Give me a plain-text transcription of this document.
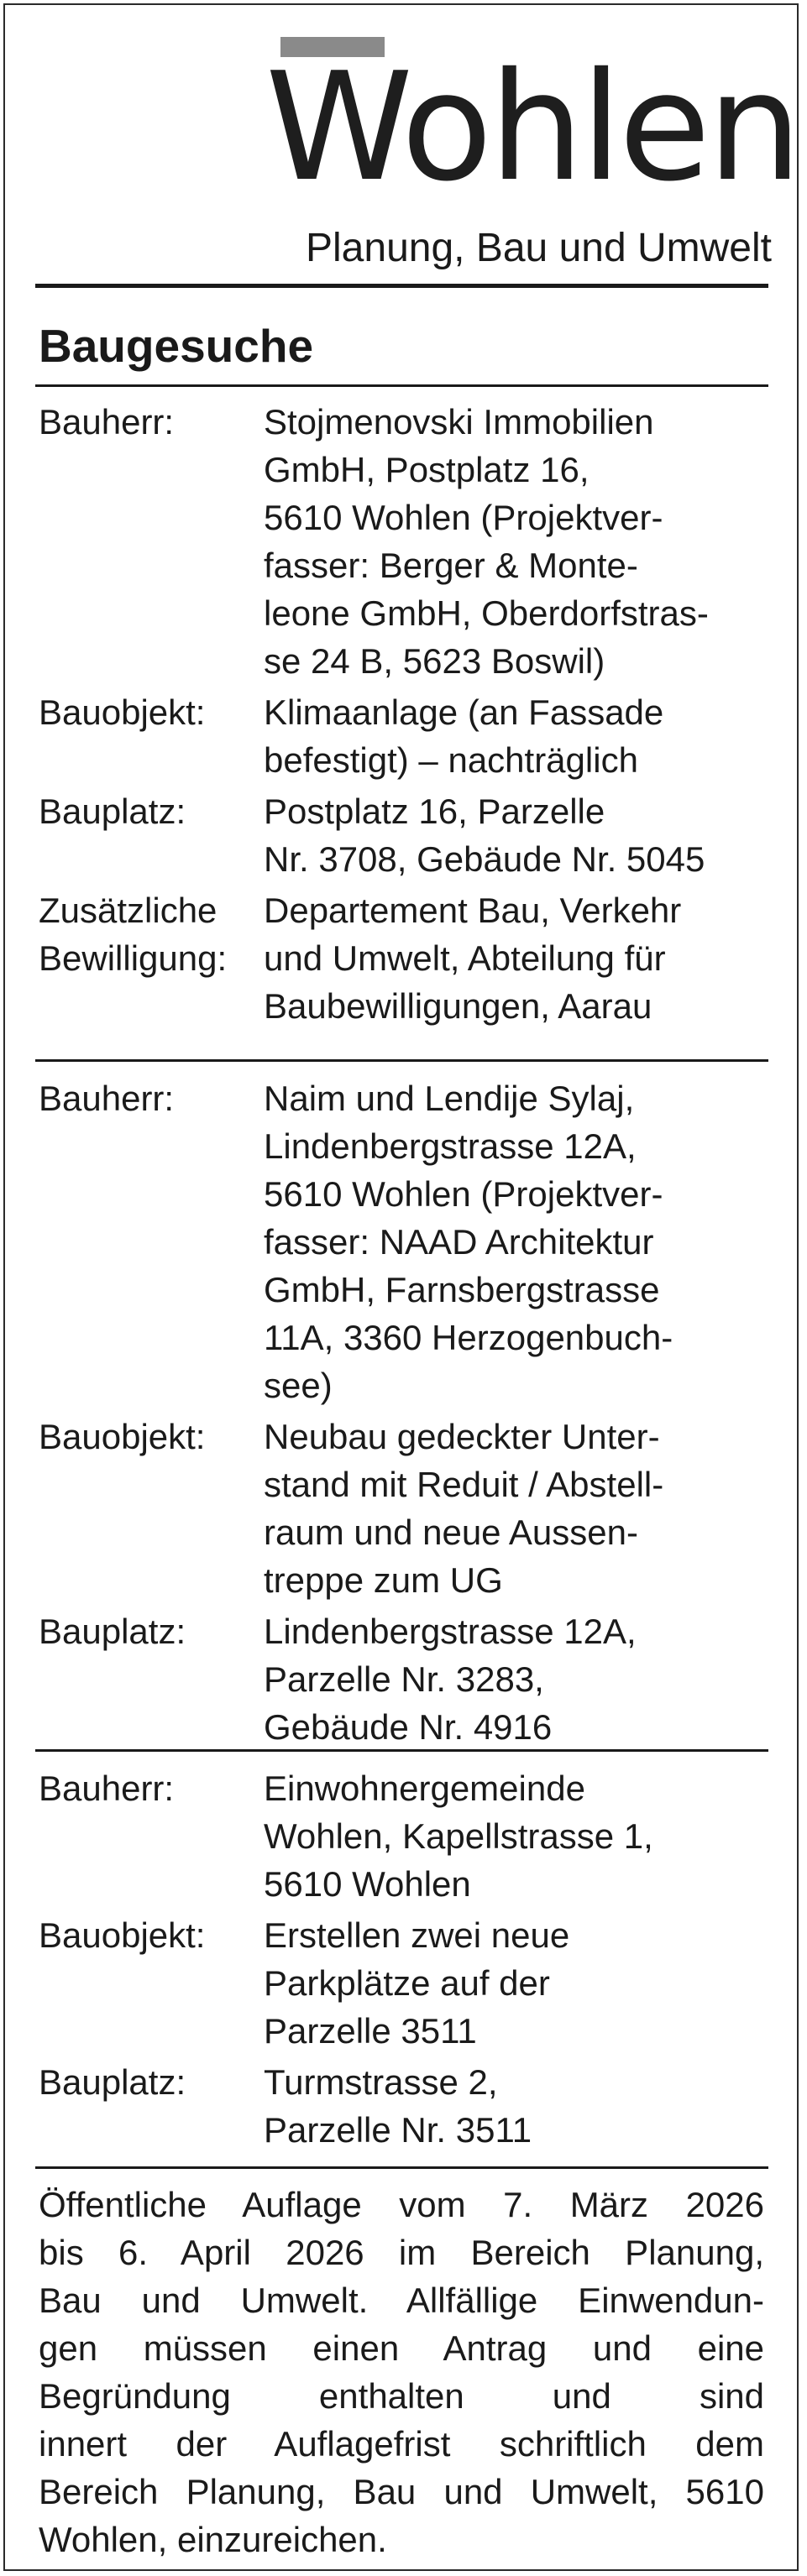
Wohlen
Planung, Bau und Umwelt
Baugesuche
Bauherr:	Stojmenovski Immobilien
GmbH, Postplatz 16,
5610 Wohlen (Projektver-
fasser: Berger & Monte-
leone GmbH, Oberdorfstras-
se 24 B, 5623 Boswil)
Bauobjekt: Klimaanlage (an Fassade
befestigt) – nachträglich
Bauplatz: Postplatz 16, Parzelle
Nr. 3708, Gebäude Nr. 5045
Zusätzliche
Bewilligung:
Departement Bau, Verkehr
und Umwelt, Abteilung für
Baubewilligungen, Aarau
Bauherr:	Naim und Lendije Sylaj,
Lindenbergstrasse 12A,
5610 Wohlen (Projektver-
fasser: NAAD Architektur
GmbH, Farnsbergstrasse
11A, 3360 Herzogenbuch-
see)
Bauobjekt: Neubau gedeckter Unter-
stand mit Reduit / Abstell-
raum und neue Aussen-
treppe zum UG
Bauplatz: Lindenbergstrasse 12A,
Parzelle Nr. 3283,
Gebäude Nr. 4916
Bauherr:	Einwohnergemeinde
Wohlen, Kapellstrasse 1,
5610 Wohlen
Bauobjekt: Erstellen zwei neue
Parkplätze auf der
Parzelle 3511
Bauplatz: Turmstrasse 2,
Parzelle Nr. 3511
Öffentliche Auflage vom 7. März 2026
bis 6. April 2026 im Bereich Planung,
Bau und Umwelt. Allfällige Einwendun-
gen müssen einen Antrag und eine
Begründung enthalten und sind
innert der Auflagefrist schriftlich dem
Bereich Planung, Bau und Umwelt, 5610
Wohlen, einzureichen.
